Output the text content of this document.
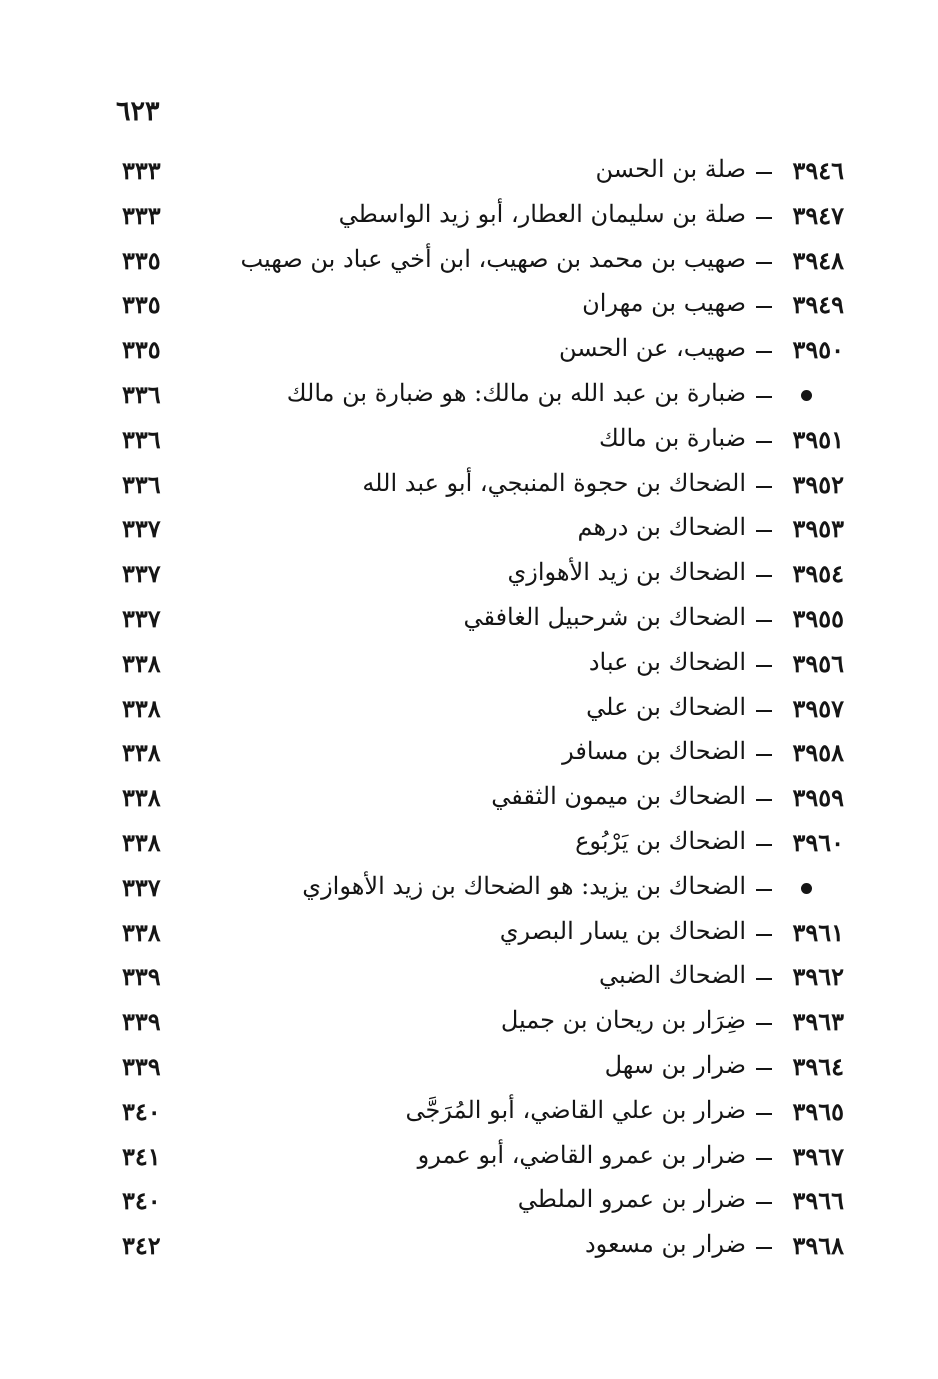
٦٢٣
٣٩٤٦
صلة بن الحسن
٣٣٣
٣٩٤٧
صلة بن سليمان العطار، أبو زيد الواسطي
٣٣٣
٣٩٤٨
صهيب بن محمد بن صهيب، ابن أخي عباد بن صهيب
٣٣٥
٣٩٤٩
صهيب بن مهران
٣٣٥
٣٩٥٠
صهيب، عن الحسن
٣٣٥
ضبارة بن عبد الله بن مالك: هو ضبارة بن مالك
٣٣٦
٣٩٥١
ضبارة بن مالك
٣٣٦
٣٩٥٢
الضحاك بن حجوة المنبجي، أبو عبد الله
٣٣٦
٣٩٥٣
الضحاك بن درهم
٣٣٧
٣٩٥٤
الضحاك بن زيد الأهوازي
٣٣٧
٣٩٥٥
الضحاك بن شرحبيل الغافقي
٣٣٧
٣٩٥٦
الضحاك بن عباد
٣٣٨
٣٩٥٧
الضحاك بن علي
٣٣٨
٣٩٥٨
الضحاك بن مسافر
٣٣٨
٣٩٥٩
الضحاك بن ميمون الثقفي
٣٣٨
٣٩٦٠
الضحاك بن يَرْبُوع
٣٣٨
الضحاك بن يزيد: هو الضحاك بن زيد الأهوازي
٣٣٧
٣٩٦١
الضحاك بن يسار البصري
٣٣٨
٣٩٦٢
الضحاك الضبي
٣٣٩
٣٩٦٣
ضِرَار بن ريحان بن جميل
٣٣٩
٣٩٦٤
ضرار بن سهل
٣٣٩
٣٩٦٥
ضرار بن علي القاضي، أبو المُرَجَّى
٣٤٠
٣٩٦٧
ضرار بن عمرو القاضي، أبو عمرو
٣٤١
٣٩٦٦
ضرار بن عمرو الملطي
٣٤٠
٣٩٦٨
ضرار بن مسعود
٣٤٢
